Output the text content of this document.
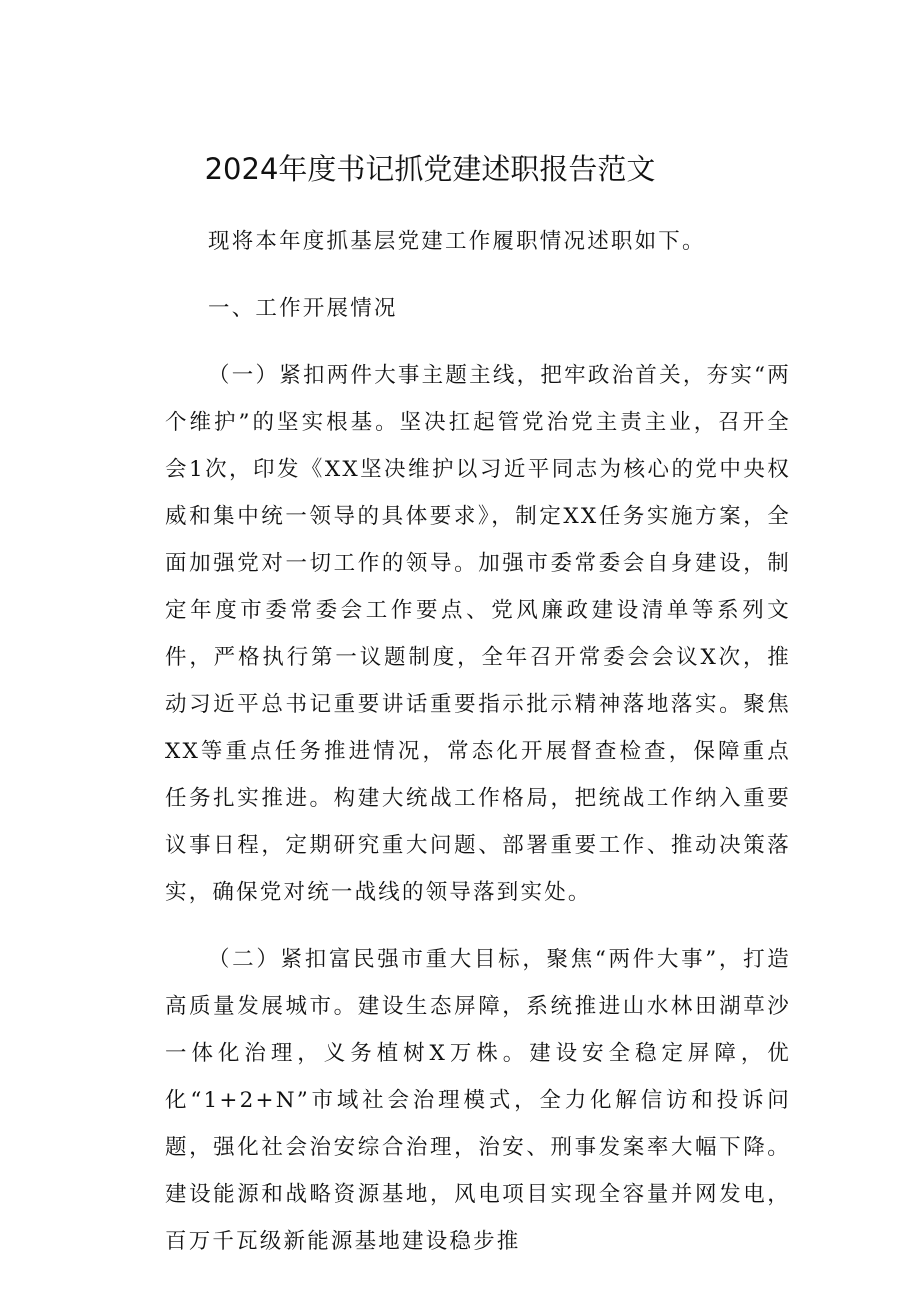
2024年度书记抓党建述职报告范文

现将本年度抓基层党建工作履职情况述职如下。

一、工作开展情况

（一）紧扣两件大事主题主线，把牢政治首关，夯实“两个维护”的坚实根基。坚决扛起管党治党主责主业，召开全会1次，印发《XX坚决维护以习近平同志为核心的党中央权威和集中统一领导的具体要求》，制定XX任务实施方案，全面加强党对一切工作的领导。加强市委常委会自身建设，制定年度市委常委会工作要点、党风廉政建设清单等系列文件，严格执行第一议题制度，全年召开常委会会议X次，推动习近平总书记重要讲话重要指示批示精神落地落实。聚焦XX等重点任务推进情况，常态化开展督查检查，保障重点任务扎实推进。构建大统战工作格局，把统战工作纳入重要议事日程，定期研究重大问题、部署重要工作、推动决策落实，确保党对统一战线的领导落到实处。

（二）紧扣富民强市重大目标，聚焦“两件大事”，打造高质量发展城市。建设生态屏障，系统推进山水林田湖草沙一体化治理，义务植树X万株。建设安全稳定屏障，优化“1+2+N”市域社会治理模式，全力化解信访和投诉问题，强化社会治安综合治理，治安、刑事发案率大幅下降。建设能源和战略资源基地，风电项目实现全容量并网发电，百万千瓦级新能源基地建设稳步推
